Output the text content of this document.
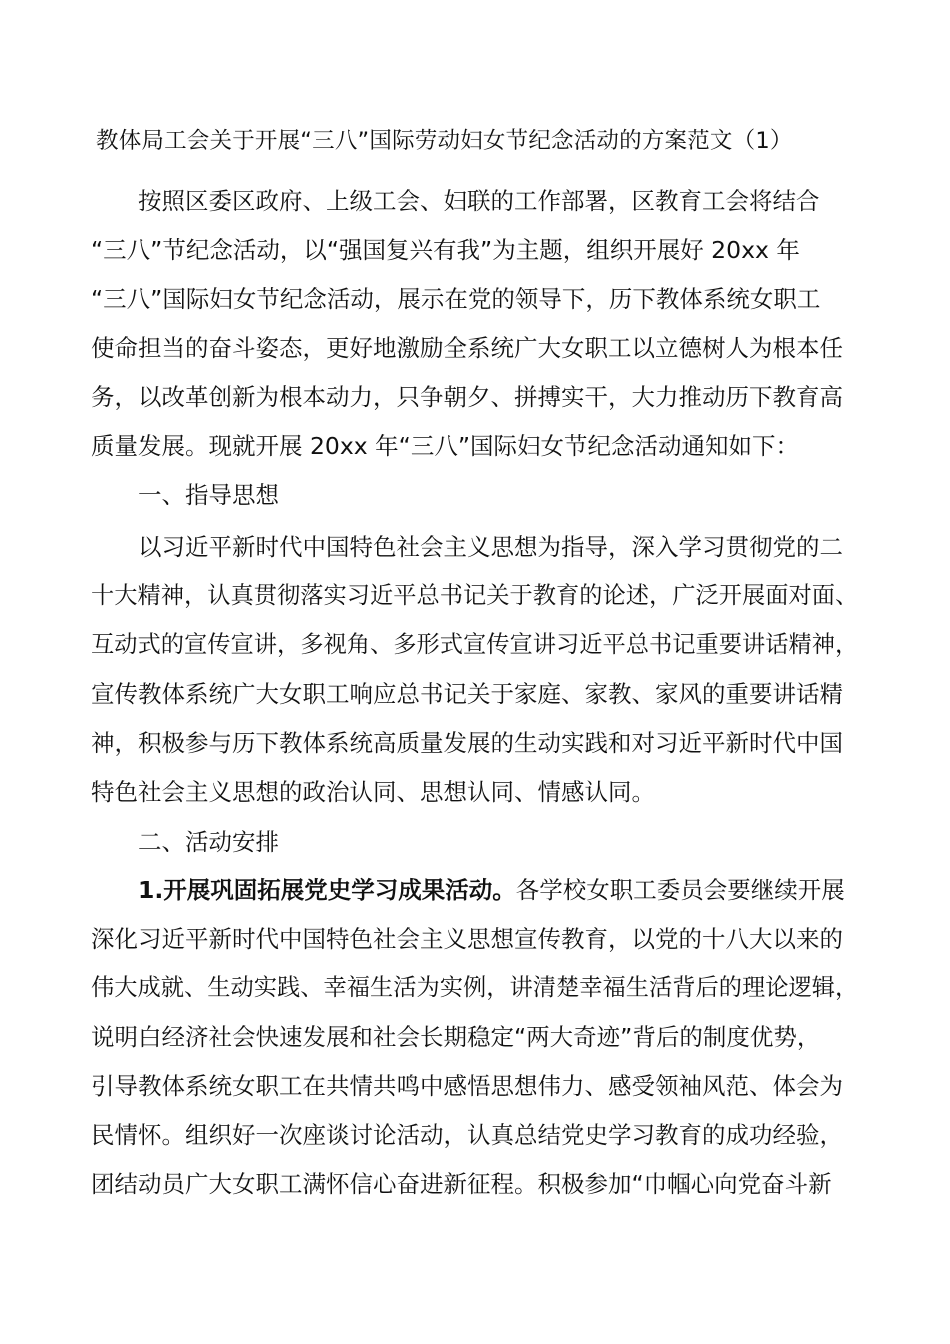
教体局工会关于开展“三八”国际劳动妇女节纪念活动的方案范文（1）
按照区委区政府、上级工会、妇联的工作部署，区教育工会将结合
“三八”节纪念活动，以“强国复兴有我”为主题，组织开展好 20xx 年
“三八”国际妇女节纪念活动，展示在党的领导下，历下教体系统女职工
使命担当的奋斗姿态，更好地激励全系统广大女职工以立德树人为根本任
务，以改革创新为根本动力，只争朝夕、拼搏实干，大力推动历下教育高
质量发展。现就开展 20xx 年“三八”国际妇女节纪念活动通知如下：
一、指导思想
以习近平新时代中国特色社会主义思想为指导，深入学习贯彻党的二
十大精神，认真贯彻落实习近平总书记关于教育的论述，广泛开展面对面、
互动式的宣传宣讲，多视角、多形式宣传宣讲习近平总书记重要讲话精神，
宣传教体系统广大女职工响应总书记关于家庭、家教、家风的重要讲话精
神，积极参与历下教体系统高质量发展的生动实践和对习近平新时代中国
特色社会主义思想的政治认同、思想认同、情感认同。
二、活动安排
1.开展巩固拓展党史学习成果活动。各学校女职工委员会要继续开展
深化习近平新时代中国特色社会主义思想宣传教育，以党的十八大以来的
伟大成就、生动实践、幸福生活为实例，讲清楚幸福生活背后的理论逻辑，
说明白经济社会快速发展和社会长期稳定“两大奇迹”背后的制度优势，
引导教体系统女职工在共情共鸣中感悟思想伟力、感受领袖风范、体会为
民情怀。组织好一次座谈讨论活动，认真总结党史学习教育的成功经验，
团结动员广大女职工满怀信心奋进新征程。积极参加“巾帼心向党奋斗新
